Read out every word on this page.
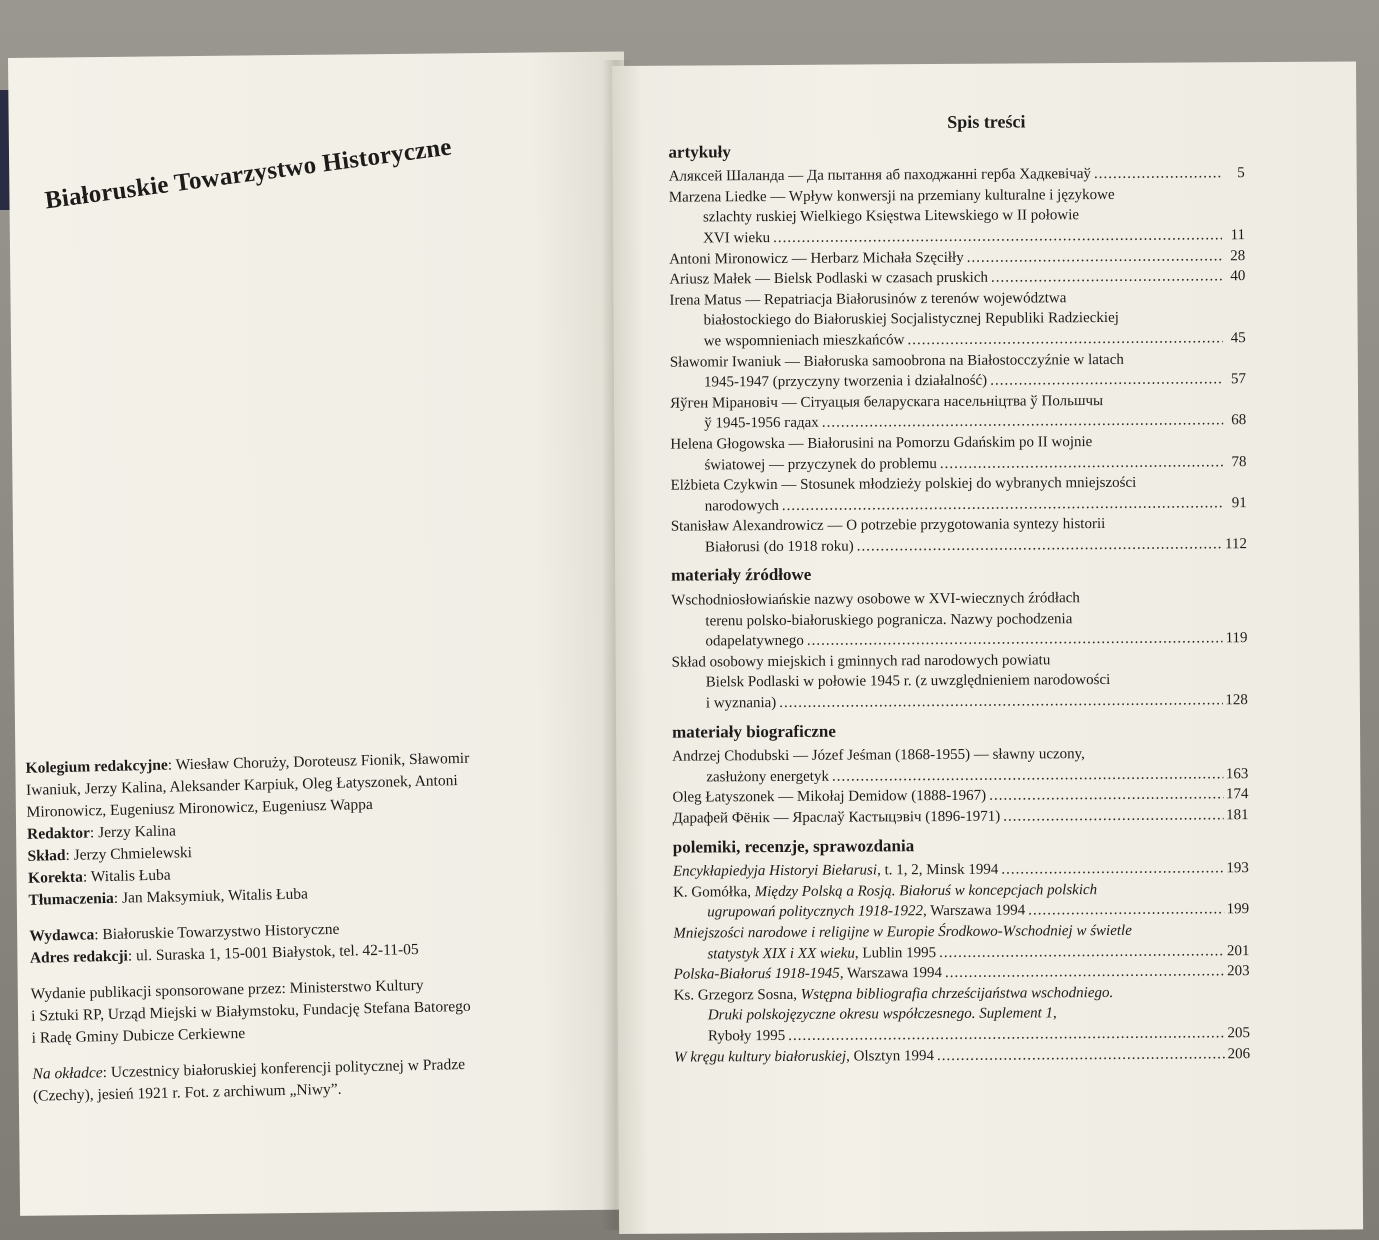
Białoruskie Towarzystwo Historyczne

Kolegium redakcyjne: Wiesław Choruży, Doroteusz Fionik, Sławomir

Iwaniuk, Jerzy Kalina, Aleksander Karpiuk, Oleg Łatyszonek, Antoni

Mironowicz, Eugeniusz Mironowicz, Eugeniusz Wappa

Redaktor: Jerzy Kalina

Skład: Jerzy Chmielewski

Korekta: Witalis Łuba

Tłumaczenia: Jan Maksymiuk, Witalis Łuba

Wydawca: Białoruskie Towarzystwo Historyczne

Adres redakcji: ul. Suraska 1, 15-001 Białystok, tel. 42-11-05

Wydanie publikacji sponsorowane przez: Ministerstwo Kultury

i Sztuki RP, Urząd Miejski w Białymstoku, Fundację Stefana Batorego

i Radę Gminy Dubicze Cerkiewne

Na okładce: Uczestnicy białoruskiej konferencji politycznej w Pradze

(Czechy), jesień 1921 r. Fot. z archiwum „Niwy”.

Spis treści
artykuły
Аляксей Шаланда — Да пытання аб паходжанні герба Хадкевічаў .....	5
Marzena Liedke — Wpływ konwersji na przemiany kulturalne i językowe
szlachty ruskiej Wielkiego Księstwa Litewskiego w II połowie
XVI wieku .....	11
Antoni Mironowicz — Herbarz Michała Szęciłły .....	28
Ariusz Małek — Bielsk Podlaski w czasach pruskich .....	40
Irena Matus — Repatriacja Białorusinów z terenów województwa
białostockiego do Białoruskiej Socjalistycznej Republiki Radzieckiej
we wspomnieniach mieszkańców .....	45
Sławomir Iwaniuk — Białoruska samoobrona na Białostocczyźnie w latach
1945-1947 (przyczyny tworzenia i działalność) .....	57
Яўген Мірановіч — Сітуацыя беларускага насельніцтва ў Польшчы
ў 1945-1956 гадах .....	68
Helena Głogowska — Białorusini na Pomorzu Gdańskim po II wojnie
światowej — przyczynek do problemu .....	78
Elżbieta Czykwin — Stosunek młodzieży polskiej do wybranych mniejszości
narodowych .....	91
Stanisław Alexandrowicz — O potrzebie przygotowania syntezy historii
Białorusi (do 1918 roku) .....	112
materiały źródłowe
Wschodniosłowiańskie nazwy osobowe w XVI-wiecznych źródłach
terenu polsko-białoruskiego pogranicza. Nazwy pochodzenia
odapelatywnego .....	119
Skład osobowy miejskich i gminnych rad narodowych powiatu
Bielsk Podlaski w połowie 1945 r. (z uwzględnieniem narodowości
i wyznania) .....	128
materiały biograficzne
Andrzej Chodubski — Józef Jeśman (1868-1955) — sławny uczony,
zasłużony energetyk .....	163
Oleg Łatyszonek — Mikołaj Demidow (1888-1967) .....	174
Дарафей Фёнік — Яраслаў Кастыцэвіч (1896-1971) .....	181
polemiki, recenzje, sprawozdania
Encykłapiedyja Historyi Biełarusi, t. 1, 2, Minsk 1994 .....	193
K. Gomółka, Między Polską a Rosją. Białoruś w koncepcjach polskich
ugrupowań politycznych 1918-1922, Warszawa 1994 .....	199
Mniejszości narodowe i religijne w Europie Środkowo-Wschodniej w świetle
statystyk XIX i XX wieku, Lublin 1995 .....	201
Polska-Białoruś 1918-1945, Warszawa 1994 .....	203
Ks. Grzegorz Sosna, Wstępna bibliografia chrześcijaństwa wschodniego.
Druki polskojęzyczne okresu współczesnego. Suplement 1,
Ryboły 1995 .....	205
W kręgu kultury białoruskiej, Olsztyn 1994 .....	206
